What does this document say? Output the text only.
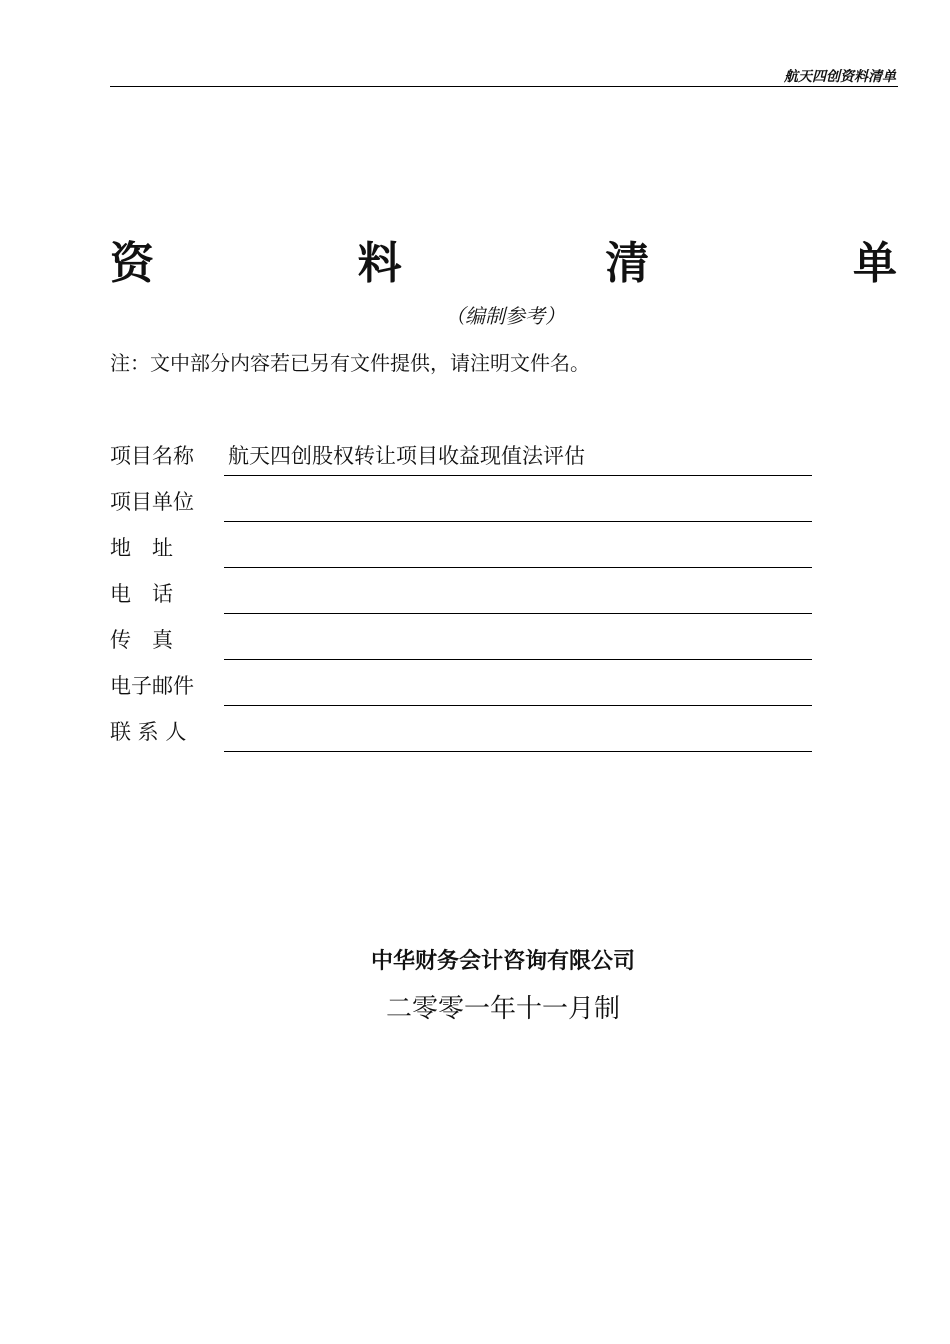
航天四创资料清单
资	料	清	单
（编制参考）
注：文中部分内容若已另有文件提供，请注明文件名。
项目名称 航天四创股权转让项目收益现值法评估
项目单位
地　址
电　话
传　真
电子邮件
联 系 人
中华财务会计咨询有限公司
二零零一年十一月制
